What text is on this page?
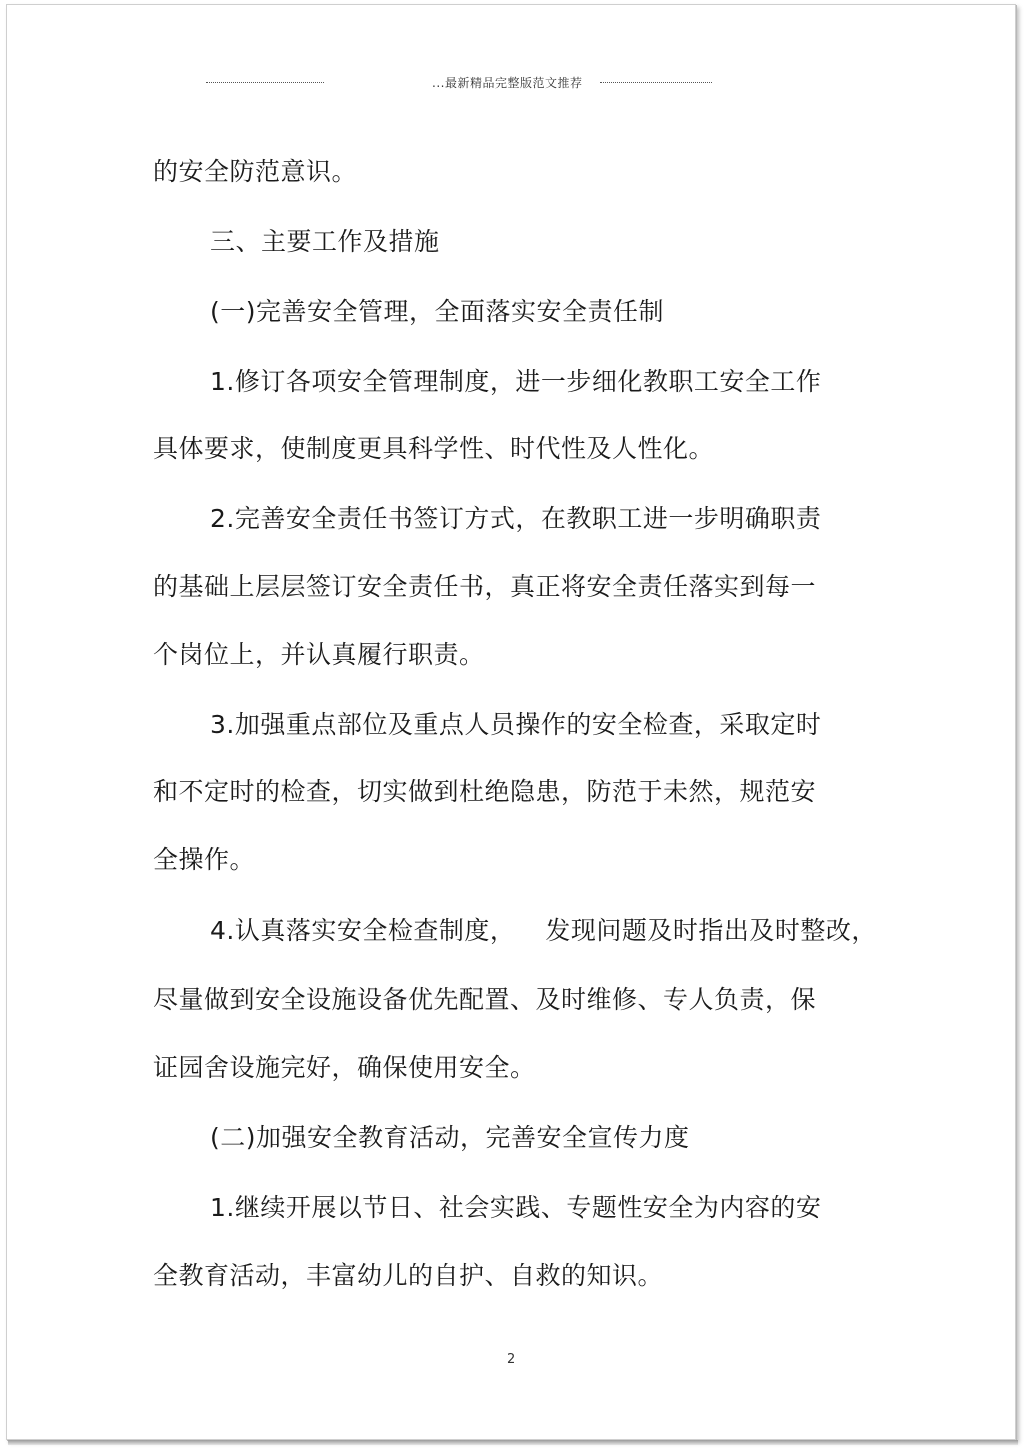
...最新精品完整版范文推荐
的安全防范意识。
三、主要工作及措施
(一)完善安全管理，全面落实安全责任制
1.修订各项安全管理制度，进一步细化教职工安全工作
具体要求，使制度更具科学性、时代性及人性化。
2.完善安全责任书签订方式，在教职工进一步明确职责
的基础上层层签订安全责任书，真正将安全责任落实到每一
个岗位上，并认真履行职责。
3.加强重点部位及重点人员操作的安全检查，采取定时
和不定时的检查，切实做到杜绝隐患，防范于未然，规范安
全操作。
4.认真落实安全检查制度， 发现问题及时指出及时整改，
尽量做到安全设施设备优先配置、及时维修、专人负责，保
证园舍设施完好，确保使用安全。
(二)加强安全教育活动，完善安全宣传力度
1.继续开展以节日、社会实践、专题性安全为内容的安
全教育活动，丰富幼儿的自护、自救的知识。
2
